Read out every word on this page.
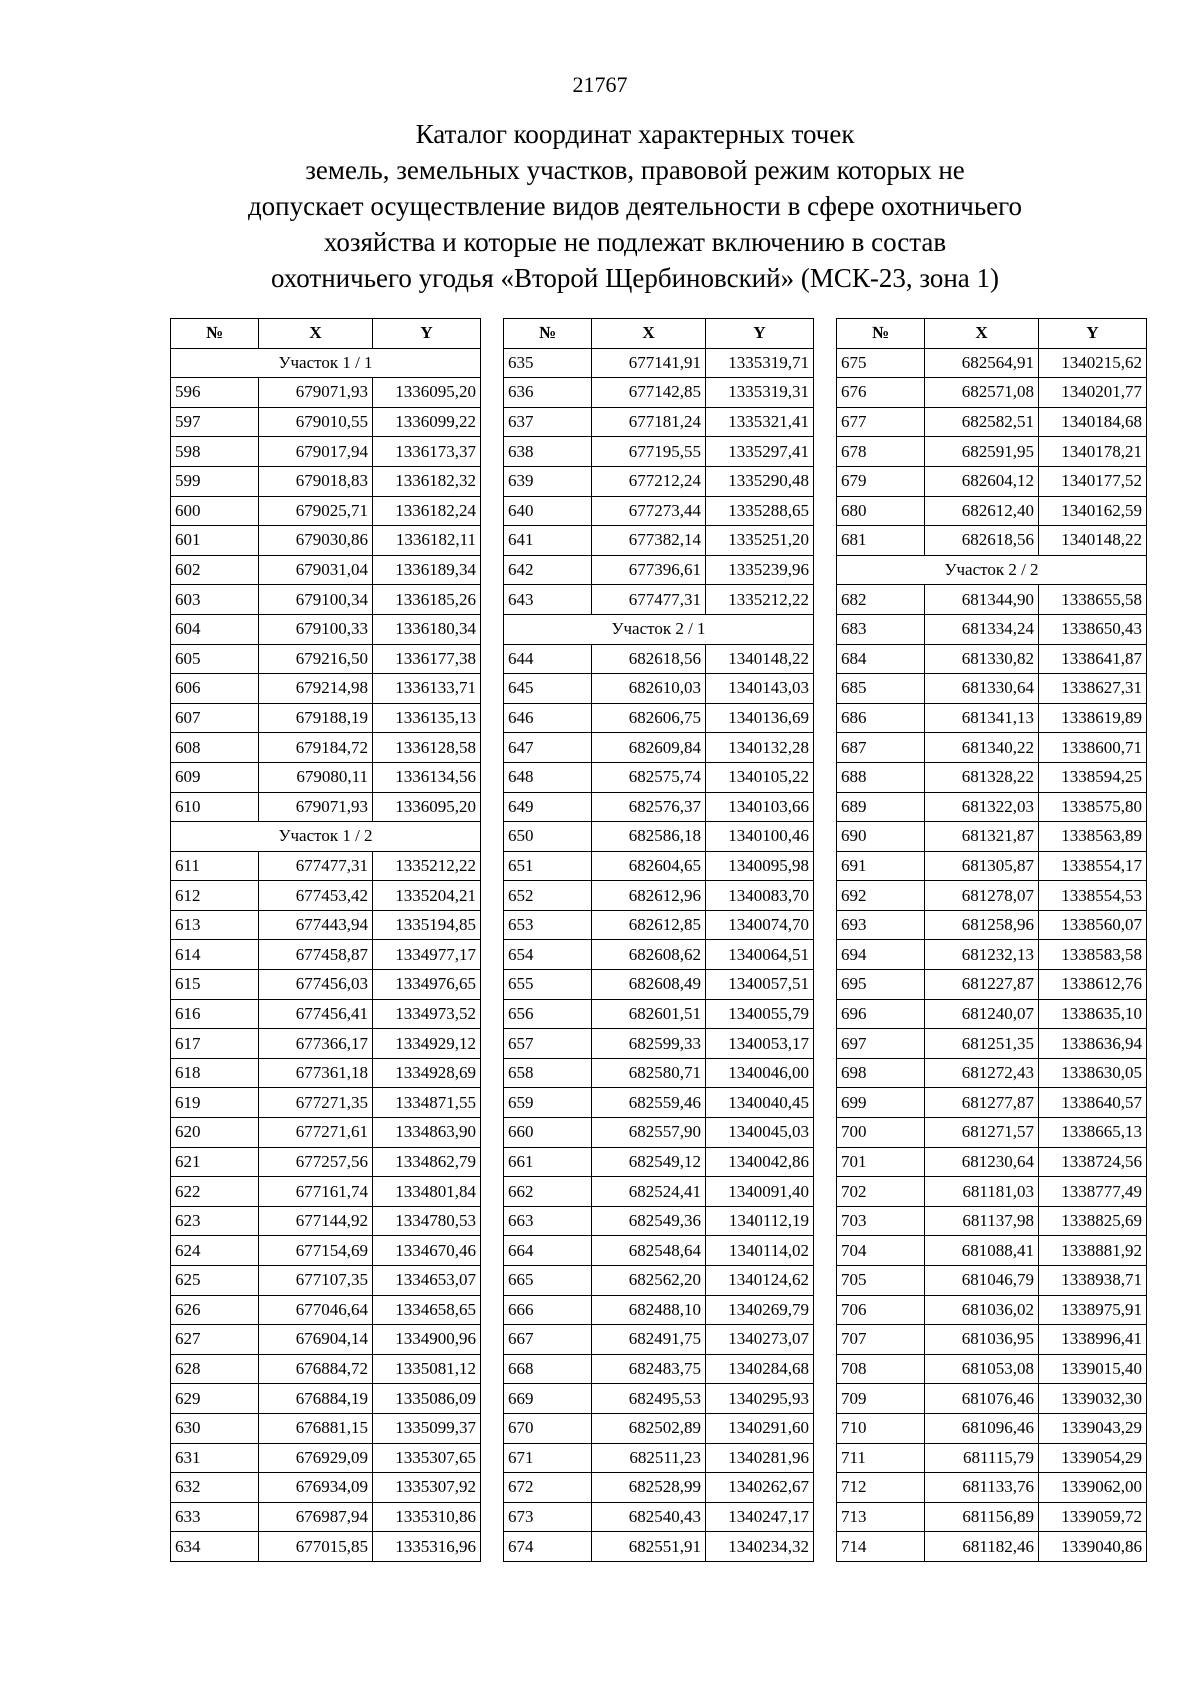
21767
Каталог координат характерных точек
земель, земельных участков, правовой режим которых не
допускает осуществление видов деятельности в сфере охотничьего
хозяйства и которые не подлежат включению в состав
охотничьего угодья «Второй Щербиновский» (МСК-23, зона 1)
№	X	Y
Участок 1 / 1		
596	679071,93	1336095,20
597	679010,55	1336099,22
598	679017,94	1336173,37
599	679018,83	1336182,32
600	679025,71	1336182,24
601	679030,86	1336182,11
602	679031,04	1336189,34
603	679100,34	1336185,26
604	679100,33	1336180,34
605	679216,50	1336177,38
606	679214,98	1336133,71
607	679188,19	1336135,13
608	679184,72	1336128,58
609	679080,11	1336134,56
610	679071,93	1336095,20
Участок 1 / 2		
611	677477,31	1335212,22
612	677453,42	1335204,21
613	677443,94	1335194,85
614	677458,87	1334977,17
615	677456,03	1334976,65
616	677456,41	1334973,52
617	677366,17	1334929,12
618	677361,18	1334928,69
619	677271,35	1334871,55
620	677271,61	1334863,90
621	677257,56	1334862,79
622	677161,74	1334801,84
623	677144,92	1334780,53
624	677154,69	1334670,46
625	677107,35	1334653,07
626	677046,64	1334658,65
627	676904,14	1334900,96
628	676884,72	1335081,12
629	676884,19	1335086,09
630	676881,15	1335099,37
631	676929,09	1335307,65
632	676934,09	1335307,92
633	676987,94	1335310,86
634	677015,85	1335316,96
№	X	Y
635	677141,91	1335319,71
636	677142,85	1335319,31
637	677181,24	1335321,41
638	677195,55	1335297,41
639	677212,24	1335290,48
640	677273,44	1335288,65
641	677382,14	1335251,20
642	677396,61	1335239,96
643	677477,31	1335212,22
Участок 2 / 1		
644	682618,56	1340148,22
645	682610,03	1340143,03
646	682606,75	1340136,69
647	682609,84	1340132,28
648	682575,74	1340105,22
649	682576,37	1340103,66
650	682586,18	1340100,46
651	682604,65	1340095,98
652	682612,96	1340083,70
653	682612,85	1340074,70
654	682608,62	1340064,51
655	682608,49	1340057,51
656	682601,51	1340055,79
657	682599,33	1340053,17
658	682580,71	1340046,00
659	682559,46	1340040,45
660	682557,90	1340045,03
661	682549,12	1340042,86
662	682524,41	1340091,40
663	682549,36	1340112,19
664	682548,64	1340114,02
665	682562,20	1340124,62
666	682488,10	1340269,79
667	682491,75	1340273,07
668	682483,75	1340284,68
669	682495,53	1340295,93
670	682502,89	1340291,60
671	682511,23	1340281,96
672	682528,99	1340262,67
673	682540,43	1340247,17
674	682551,91	1340234,32
№	X	Y
675	682564,91	1340215,62
676	682571,08	1340201,77
677	682582,51	1340184,68
678	682591,95	1340178,21
679	682604,12	1340177,52
680	682612,40	1340162,59
681	682618,56	1340148,22
Участок 2 / 2		
682	681344,90	1338655,58
683	681334,24	1338650,43
684	681330,82	1338641,87
685	681330,64	1338627,31
686	681341,13	1338619,89
687	681340,22	1338600,71
688	681328,22	1338594,25
689	681322,03	1338575,80
690	681321,87	1338563,89
691	681305,87	1338554,17
692	681278,07	1338554,53
693	681258,96	1338560,07
694	681232,13	1338583,58
695	681227,87	1338612,76
696	681240,07	1338635,10
697	681251,35	1338636,94
698	681272,43	1338630,05
699	681277,87	1338640,57
700	681271,57	1338665,13
701	681230,64	1338724,56
702	681181,03	1338777,49
703	681137,98	1338825,69
704	681088,41	1338881,92
705	681046,79	1338938,71
706	681036,02	1338975,91
707	681036,95	1338996,41
708	681053,08	1339015,40
709	681076,46	1339032,30
710	681096,46	1339043,29
711	681115,79	1339054,29
712	681133,76	1339062,00
713	681156,89	1339059,72
714	681182,46	1339040,86
